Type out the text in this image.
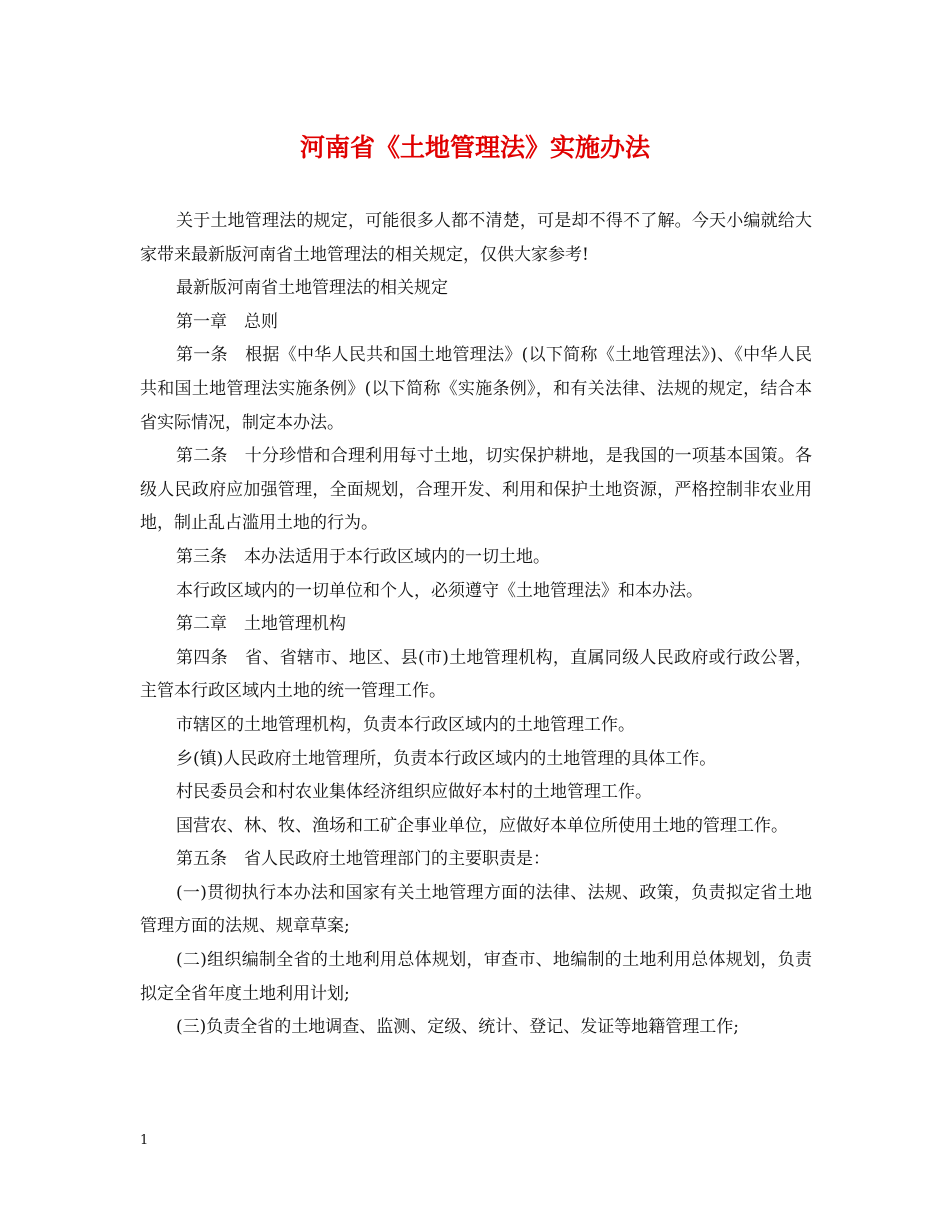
河南省《土地管理法》实施办法

关于土地管理法的规定，可能很多人都不清楚，可是却不得不了解。今天小编就给大家带来最新版河南省土地管理法的相关规定，仅供大家参考!

最新版河南省土地管理法的相关规定

第一章　总则

第一条　根据《中华人民共和国土地管理法》(以下简称《土地管理法》)、《中华人民共和国土地管理法实施条例》(以下简称《实施条例》，和有关法律、法规的规定，结合本省实际情况，制定本办法。

第二条　十分珍惜和合理利用每寸土地，切实保护耕地，是我国的一项基本国策。各级人民政府应加强管理，全面规划，合理开发、利用和保护土地资源，严格控制非农业用地，制止乱占滥用土地的行为。

第三条　本办法适用于本行政区域内的一切土地。

本行政区域内的一切单位和个人，必须遵守《土地管理法》和本办法。

第二章　土地管理机构

第四条　省、省辖市、地区、县(市)土地管理机构，直属同级人民政府或行政公署，主管本行政区域内土地的统一管理工作。

市辖区的土地管理机构，负责本行政区域内的土地管理工作。

乡(镇)人民政府土地管理所，负责本行政区域内的土地管理的具体工作。

村民委员会和村农业集体经济组织应做好本村的土地管理工作。

国营农、林、牧、渔场和工矿企事业单位，应做好本单位所使用土地的管理工作。

第五条　省人民政府土地管理部门的主要职责是：

(一)贯彻执行本办法和国家有关土地管理方面的法律、法规、政策，负责拟定省土地管理方面的法规、规章草案;

(二)组织编制全省的土地利用总体规划，审查市、地编制的土地利用总体规划，负责拟定全省年度土地利用计划;

(三)负责全省的土地调查、监测、定级、统计、登记、发证等地籍管理工作;

1
